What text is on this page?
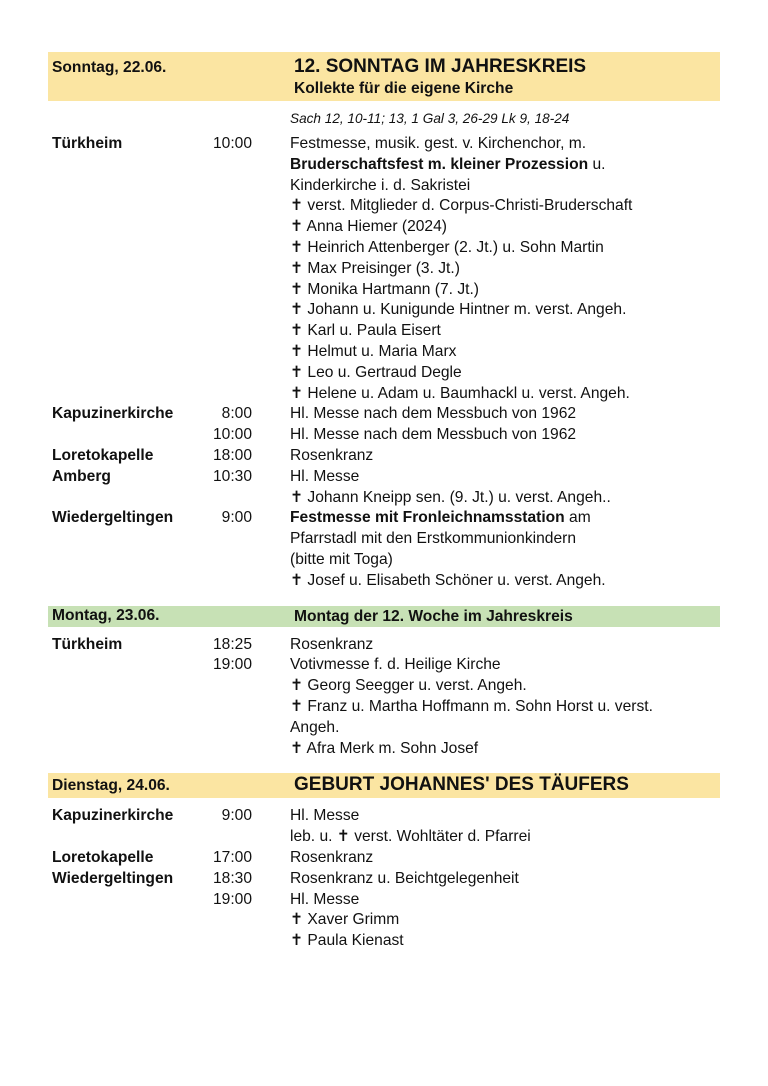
Sonntag, 22.06.	12. SONNTAG IM JAHRESKREIS
Kollekte für die eigene Kirche
Sach 12, 10-11; 13, 1 Gal 3, 26-29 Lk 9, 18-24
Türkheim	10:00 Festmesse, musik. gest. v. Kirchenchor, m.
Bruderschaftsfest m. kleiner Prozession u.
Kinderkirche i. d. Sakristei
✝ verst. Mitglieder d. Corpus-Christi-Bruderschaft
✝ Anna Hiemer (2024)
✝ Heinrich Attenberger (2. Jt.) u. Sohn Martin
✝ Max Preisinger (3. Jt.)
✝ Monika Hartmann (7. Jt.)
✝ Johann u. Kunigunde Hintner m. verst. Angeh.
✝ Karl u. Paula Eisert
✝ Helmut u. Maria Marx
✝ Leo u. Gertraud Degle
✝ Helene u. Adam u. Baumhackl u. verst. Angeh.
Kapuzinerkirche	8:00 Hl. Messe nach dem Messbuch von 1962
10:00 Hl. Messe nach dem Messbuch von 1962
Loretokapelle	18:00 Rosenkranz
Amberg	10:30 Hl. Messe
✝ Johann Kneipp sen. (9. Jt.) u. verst. Angeh..
Wiedergeltingen	9:00 Festmesse mit Fronleichnamsstation am
Pfarrstadl mit den Erstkommunionkindern
(bitte mit Toga)
✝ Josef u. Elisabeth Schöner u. verst. Angeh.
Montag, 23.06.	Montag der 12. Woche im Jahreskreis
Türkheim	18:25 Rosenkranz
19:00 Votivmesse f. d. Heilige Kirche
✝ Georg Seegger u. verst. Angeh.
✝ Franz u. Martha Hoffmann m. Sohn Horst u. verst.
Angeh.
✝ Afra Merk m. Sohn Josef
Dienstag, 24.06.	GEBURT JOHANNES' DES TÄUFERS
Kapuzinerkirche	9:00 Hl. Messe
leb. u. ✝ verst. Wohltäter d. Pfarrei
Loretokapelle	17:00 Rosenkranz
Wiedergeltingen	18:30 Rosenkranz u. Beichtgelegenheit
19:00 Hl. Messe
✝ Xaver Grimm
✝ Paula Kienast
